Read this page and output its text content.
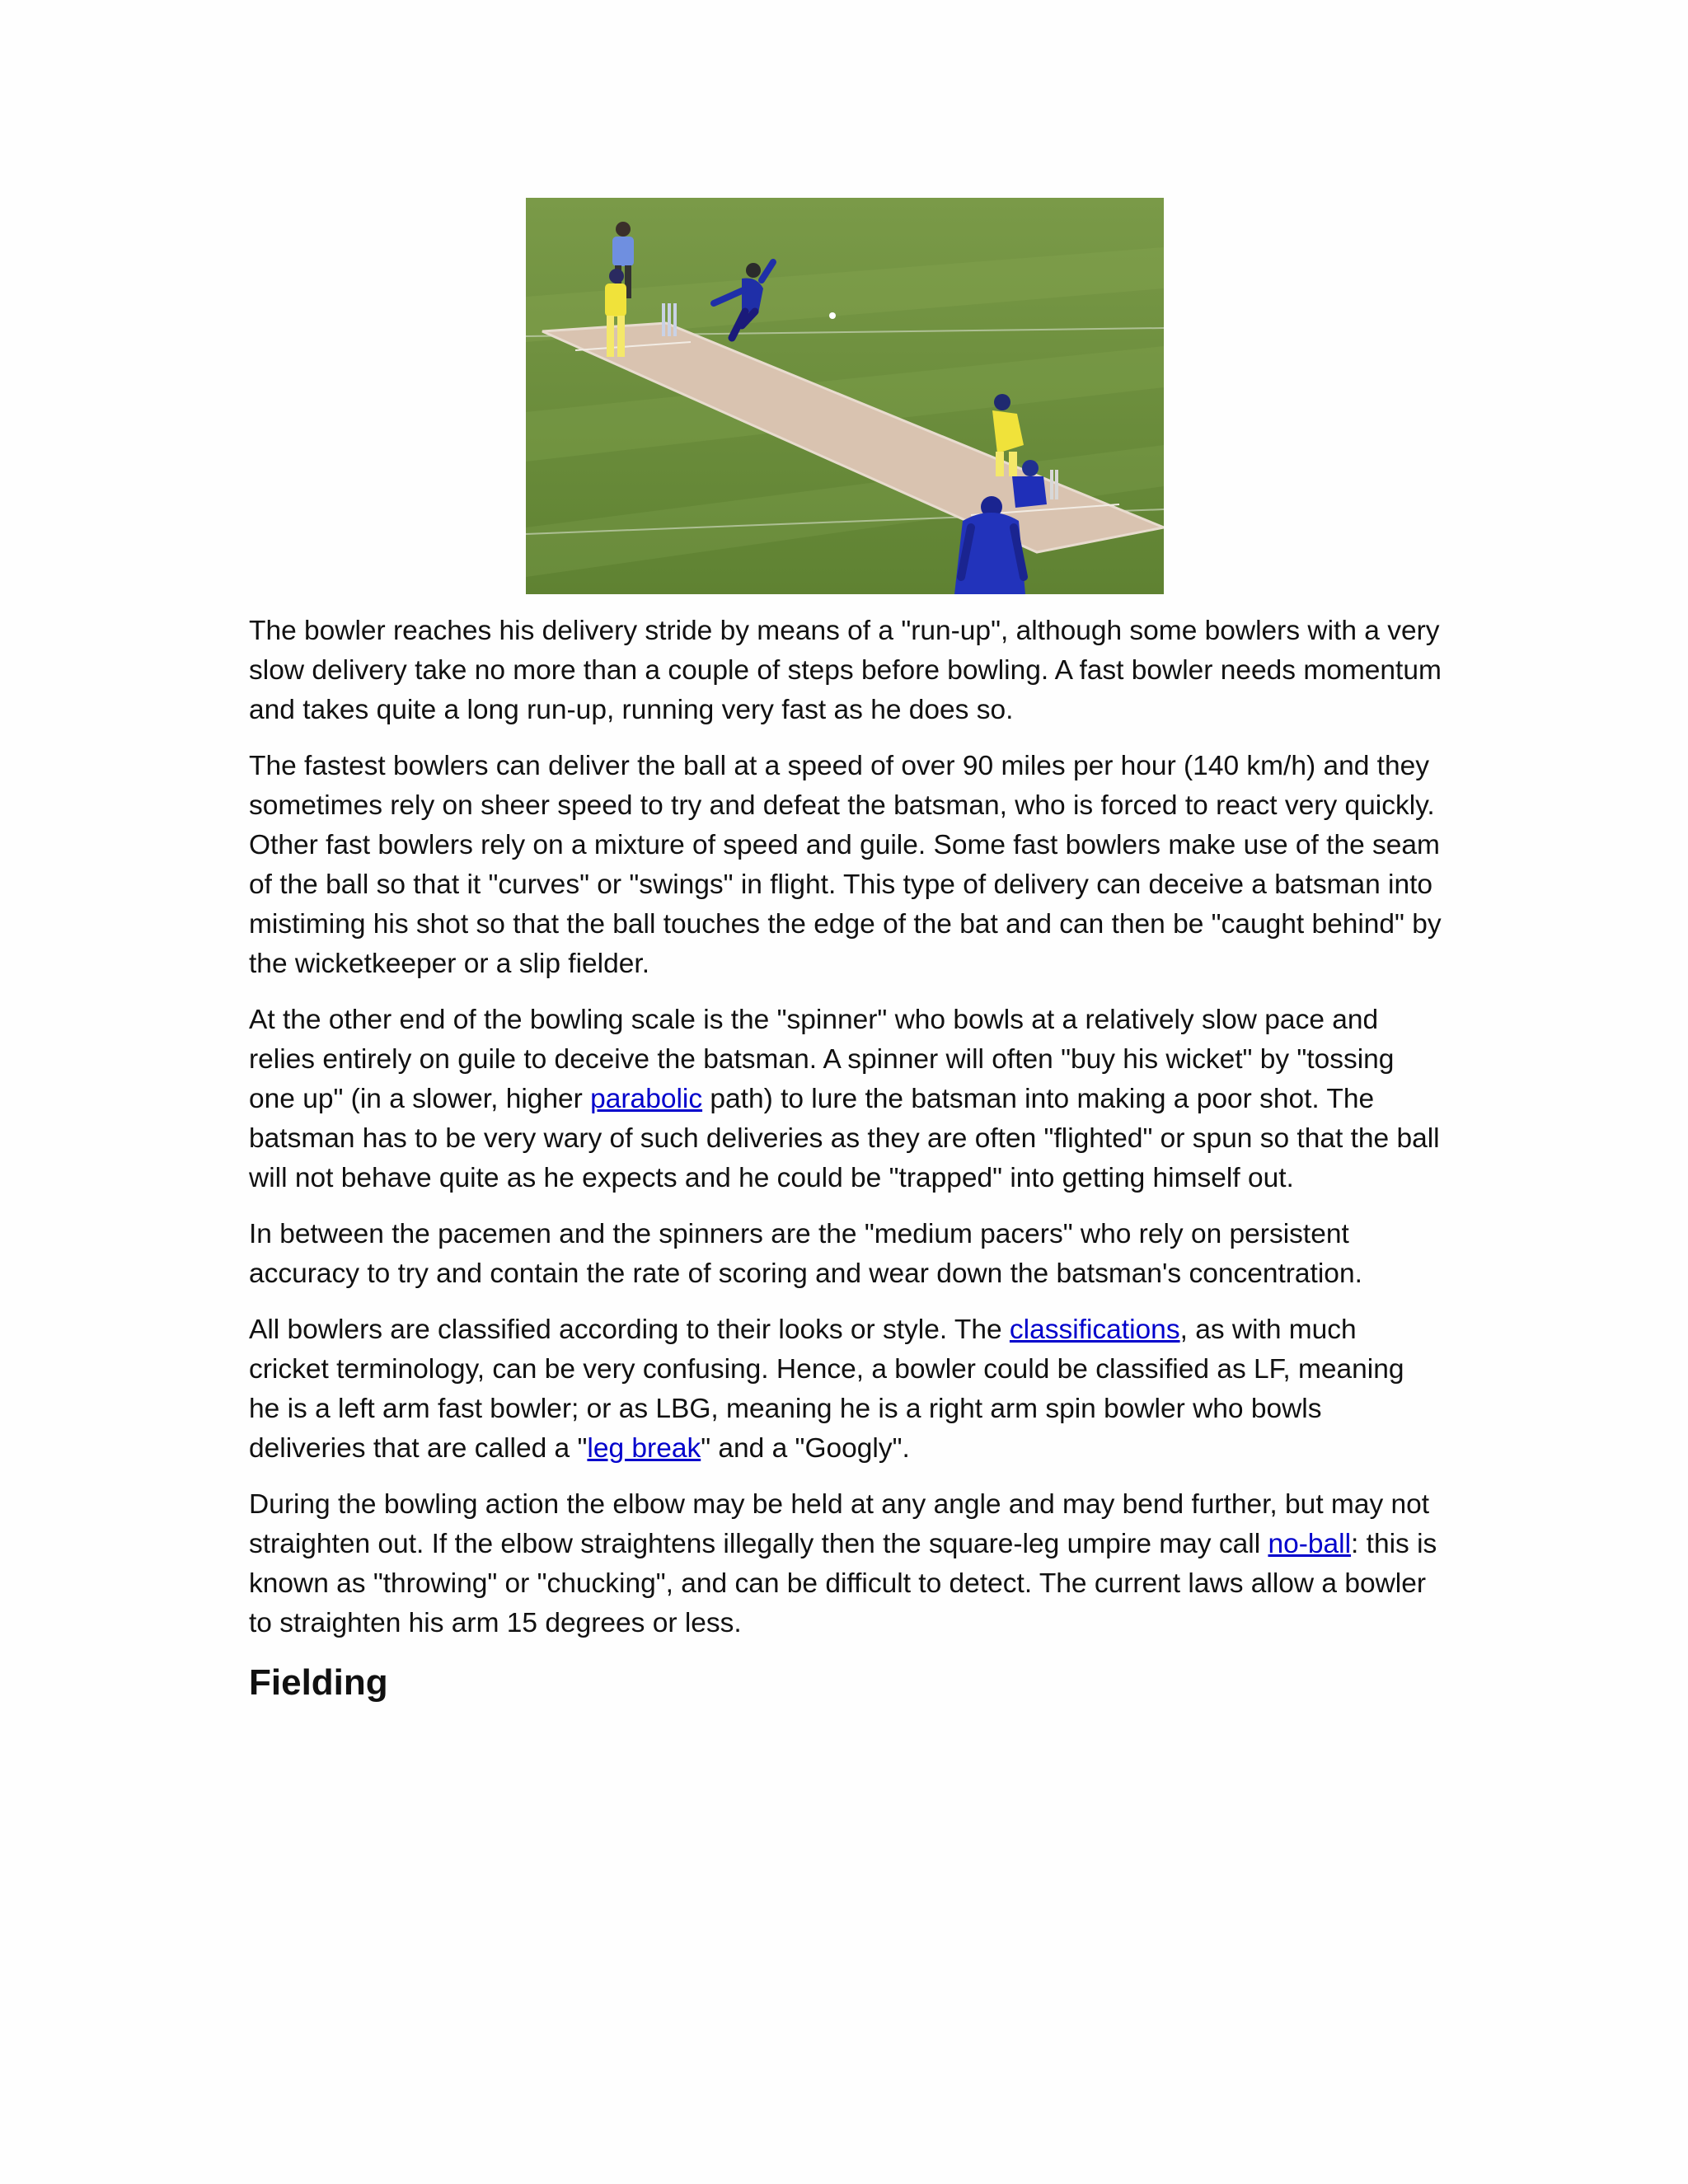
The bowler reaches his delivery stride by means of a "run-up", although some bowlers with a very slow delivery take no more than a couple of steps before bowling. A fast bowler needs momentum and takes quite a long run-up, running very fast as he does so.

The fastest bowlers can deliver the ball at a speed of over 90 miles per hour (140 km/h) and they sometimes rely on sheer speed to try and defeat the batsman, who is forced to react very quickly. Other fast bowlers rely on a mixture of speed and guile. Some fast bowlers make use of the seam of the ball so that it "curves" or "swings" in flight. This type of delivery can deceive a batsman into mistiming his shot so that the ball touches the edge of the bat and can then be "caught behind" by the wicketkeeper or a slip fielder.

At the other end of the bowling scale is the "spinner" who bowls at a relatively slow pace and relies entirely on guile to deceive the batsman. A spinner will often "buy his wicket" by "tossing one up" (in a slower, higher parabolic path) to lure the batsman into making a poor shot. The batsman has to be very wary of such deliveries as they are often "flighted" or spun so that the ball will not behave quite as he expects and he could be "trapped" into getting himself out.

In between the pacemen and the spinners are the "medium pacers" who rely on persistent accuracy to try and contain the rate of scoring and wear down the batsman's concentration.

All bowlers are classified according to their looks or style. The classifications, as with much cricket terminology, can be very confusing. Hence, a bowler could be classified as LF, meaning he is a left arm fast bowler; or as LBG, meaning he is a right arm spin bowler who bowls deliveries that are called a "leg break" and a "Googly".

During the bowling action the elbow may be held at any angle and may bend further, but may not straighten out. If the elbow straightens illegally then the square-leg umpire may call no-ball: this is known as "throwing" or "chucking", and can be difficult to detect. The current laws allow a bowler to straighten his arm 15 degrees or less.

Fielding
